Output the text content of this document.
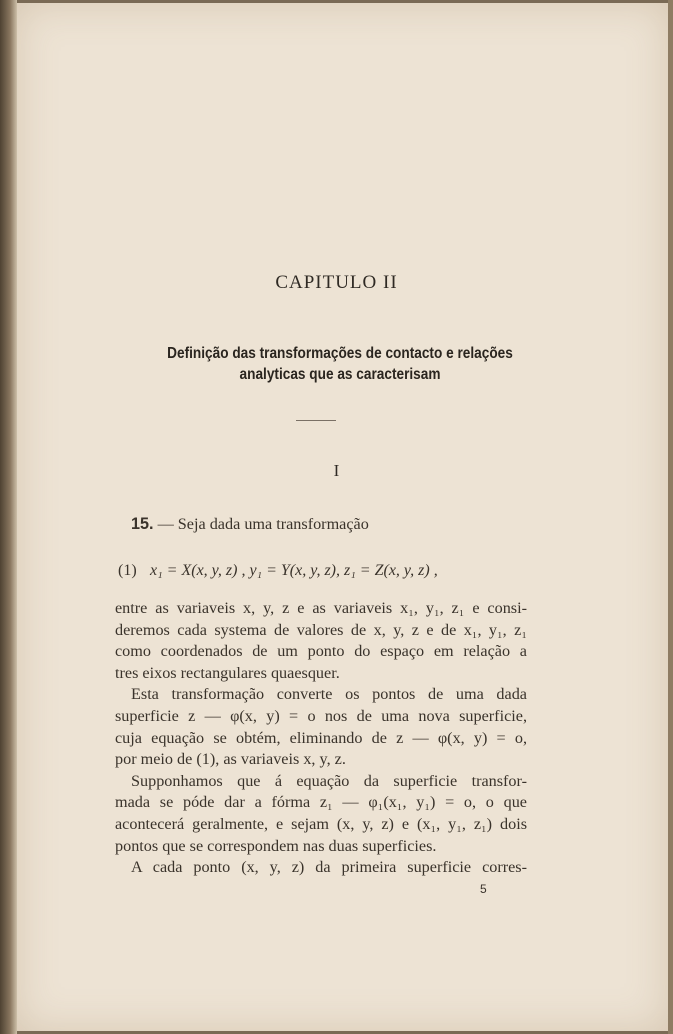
CAPITULO II
Definição das transformações de contacto e relações
analyticas que as caracterisam
I
15. — Seja dada uma transformação
(1) x₁ = X(x, y, z) , y₁ = Y(x, y, z), z₁ = Z(x, y, z) ,
entre as variaveis x, y, z e as variaveis x₁, y₁, z₁ e consi-
deremos cada systema de valores de x, y, z e de x₁, y₁, z₁
como coordenados de um ponto do espaço em relação a
tres eixos rectangulares quaesquer.
Esta transformação converte os pontos de uma dada
superficie z — φ(x, y) = o nos de uma nova superficie,
cuja equação se obtém, eliminando de z — φ(x, y) = o,
por meio de (1), as variaveis x, y, z.
Supponhamos que á equação da superficie transfor-
mada se póde dar a fórma z₁ — φ₁(x₁, y₁) = o, o que
acontecerá geralmente, e sejam (x, y, z) e (x₁, y₁, z₁) dois
pontos que se correspondem nas duas superficies.
A cada ponto (x, y, z) da primeira superficie corres-
5
